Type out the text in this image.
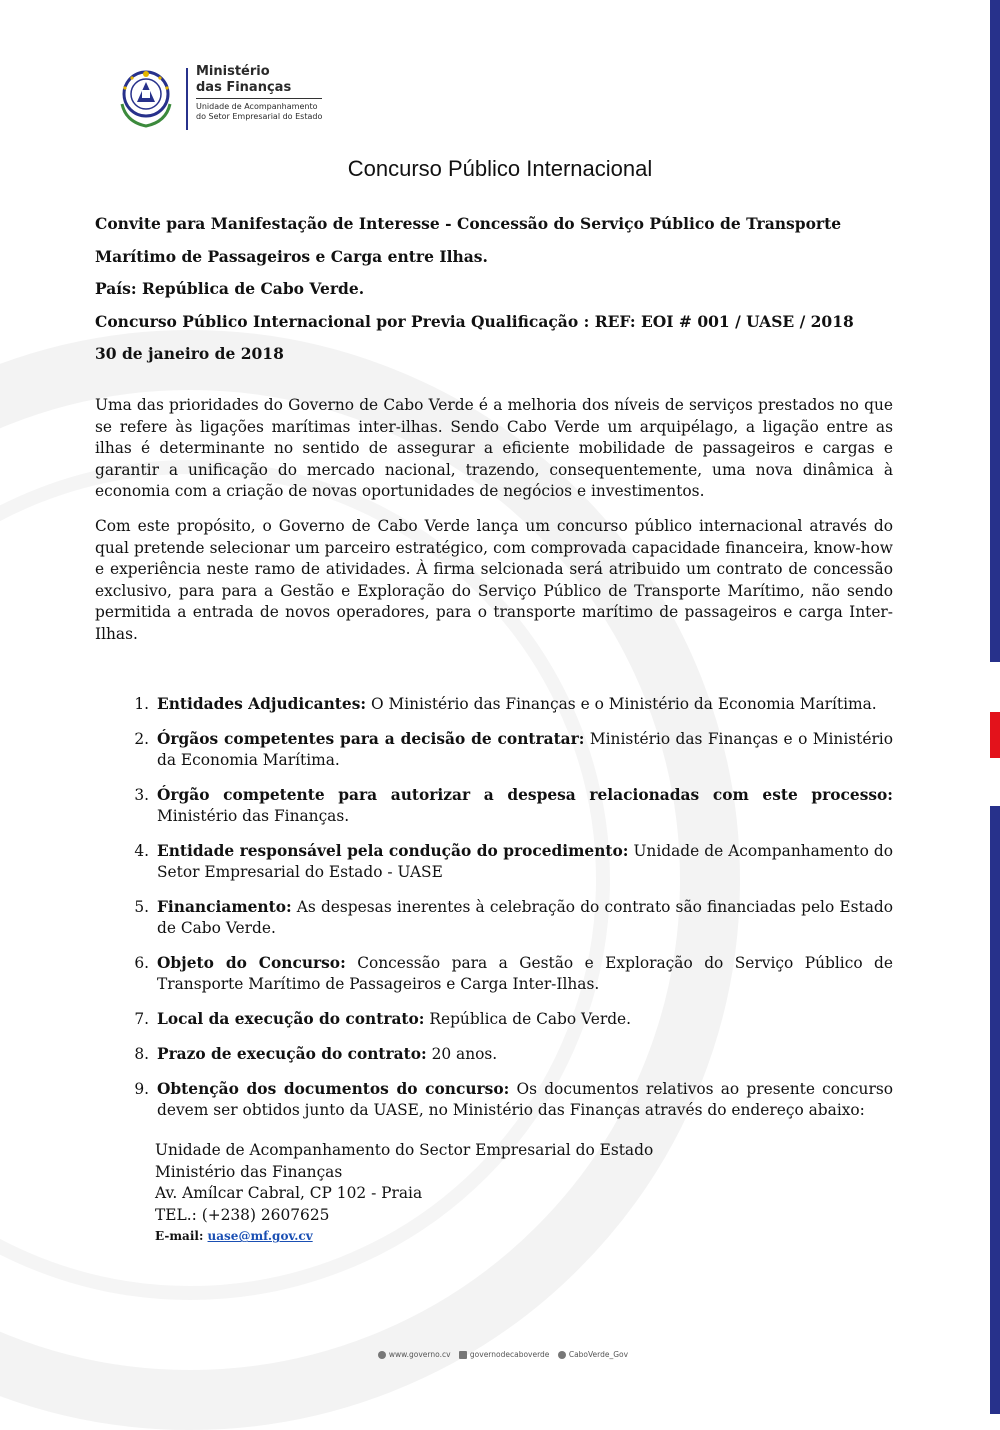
Ministério
das Finanças
Unidade de Acompanhamento
do Setor Empresarial do Estado
Concurso Público Internacional

Convite para Manifestação de Interesse - Concessão do Serviço Público de Transporte

Marítimo de Passageiros e Carga entre Ilhas.

País: República de Cabo Verde.

Concurso Público Internacional por Previa Qualificação : REF: EOI # 001 / UASE / 2018

30 de janeiro de 2018

Uma das prioridades do Governo de Cabo Verde é a melhoria dos níveis de serviços prestados no que se refere às ligações marítimas inter-ilhas. Sendo Cabo Verde um arquipélago, a ligação entre as ilhas é determinante no sentido de assegurar a eficiente mobilidade de passageiros e cargas e garantir a unificação do mercado nacional, trazendo, consequentemente, uma nova dinâmica à economia com a criação de novas oportunidades de negócios e investimentos.

Com este propósito, o Governo de Cabo Verde lança um concurso público internacional através do qual pretende selecionar um parceiro estratégico, com comprovada capacidade financeira, know-how e experiência neste ramo de atividades. À firma selcionada será atribuido um contrato de concessão exclusivo, para para a Gestão e Exploração do Serviço Público de Transporte Marítimo, não sendo permitida a entrada de novos operadores, para o transporte marítimo de passageiros e carga Inter-Ilhas.

1. Entidades Adjudicantes: O Ministério das Finanças e o Ministério da Economia Marítima.
2. Órgãos competentes para a decisão de contratar: Ministério das Finanças e o Ministério da Economia Marítima.
3. Órgão competente para autorizar a despesa relacionadas com este processo: Ministério das Finanças.
4. Entidade responsável pela condução do procedimento: Unidade de Acompanhamento do Setor Empresarial do Estado - UASE
5. Financiamento: As despesas inerentes à celebração do contrato são financiadas pelo Estado de Cabo Verde.
6. Objeto do Concurso: Concessão para a Gestão e Exploração do Serviço Público de Transporte Marítimo de Passageiros e Carga Inter-Ilhas.
7. Local da execução do contrato: República de Cabo Verde.
8. Prazo de execução do contrato: 20 anos.
9. Obtenção dos documentos do concurso: Os documentos relativos ao presente concurso devem ser obtidos junto da UASE, no Ministério das Finanças através do endereço abaixo:
Unidade de Acompanhamento do Sector Empresarial do Estado
Ministério das Finanças
Av. Amílcar Cabral, CP 102 - Praia
TEL.: (+238) 2607625
E-mail: uase@mf.gov.cv
www.governo.cv	governodecaboverde	CaboVerde_Gov
